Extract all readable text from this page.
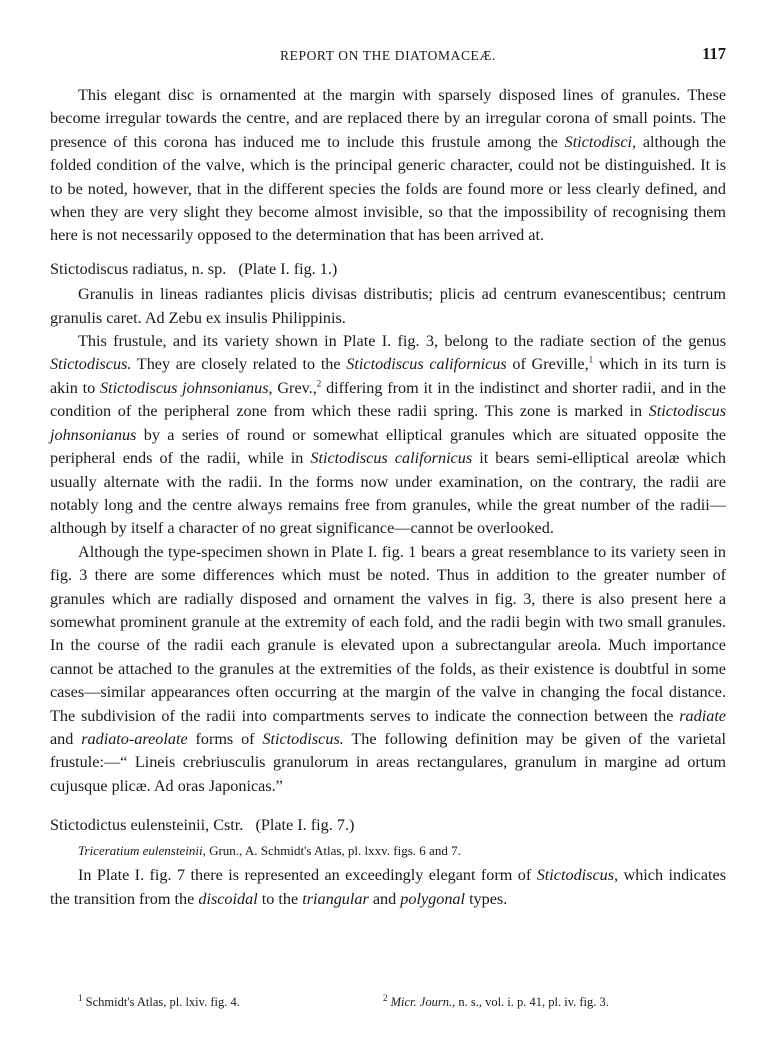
REPORT ON THE DIATOMACEÆ.	117

This elegant disc is ornamented at the margin with sparsely disposed lines of granules. These become irregular towards the centre, and are replaced there by an irregular corona of small points. The presence of this corona has induced me to include this frustule among the Stictodisci, although the folded condition of the valve, which is the principal generic character, could not be distinguished. It is to be noted, however, that in the different species the folds are found more or less clearly defined, and when they are very slight they become almost invisible, so that the impossibility of recognising them here is not necessarily opposed to the determination that has been arrived at.

Stictodiscus radiatus, n. sp. (Plate I. fig. 1.)

Granulis in lineas radiantes plicis divisas distributis; plicis ad centrum evanescentibus; centrum granulis caret. Ad Zebu ex insulis Philippinis.

This frustule, and its variety shown in Plate I. fig. 3, belong to the radiate section of the genus Stictodiscus. They are closely related to the Stictodiscus californicus of Greville,$^1$ which in its turn is akin to Stictodiscus johnsonianus, Grev.,$^2$ differing from it in the indistinct and shorter radii, and in the condition of the peripheral zone from which these radii spring. This zone is marked in Stictodiscus johnsonianus by a series of round or somewhat elliptical granules which are situated opposite the peripheral ends of the radii, while in Stictodiscus californicus it bears semi-elliptical areolæ which usually alternate with the radii. In the forms now under examination, on the contrary, the radii are notably long and the centre always remains free from granules, while the great number of the radii—although by itself a character of no great significance—cannot be overlooked.

Although the type-specimen shown in Plate I. fig. 1 bears a great resemblance to its variety seen in fig. 3 there are some differences which must be noted. Thus in addition to the greater number of granules which are radially disposed and ornament the valves in fig. 3, there is also present here a somewhat prominent granule at the extremity of each fold, and the radii begin with two small granules. In the course of the radii each granule is elevated upon a subrectangular areola. Much importance cannot be attached to the granules at the extremities of the folds, as their existence is doubtful in some cases—similar appearances often occurring at the margin of the valve in changing the focal distance. The subdivision of the radii into compartments serves to indicate the connection between the radiate and radiato-areolate forms of Stictodiscus. The following definition may be given of the varietal frustule:—“ Lineis crebriusculis granulorum in areas rectangulares, granulum in margine ad ortum cujusque plicæ. Ad oras Japonicas.”

Stictodictus eulensteinii, Cstr. (Plate I. fig. 7.)

Triceratium eulensteinii, Grun., A. Schmidt's Atlas, pl. lxxv. figs. 6 and 7.

In Plate I. fig. 7 there is represented an exceedingly elegant form of Stictodiscus, which indicates the transition from the discoidal to the triangular and polygonal types.

$^1$ Schmidt's Atlas, pl. lxiv. fig. 4.	$^2$ Micr. Journ., n. s., vol. i. p. 41, pl. iv. fig. 3.
